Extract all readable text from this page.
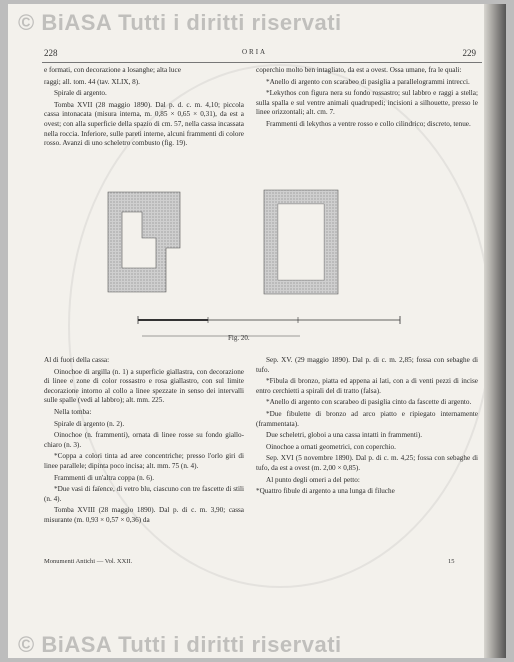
© BiASA Tutti i diritti riservati
228	ORIA	229

e formati, con decorazione a losanghe; alta luce

raggi; all. tom. 44 (tav. XLIX, 8).

Spirale di argento.

Tomba XVII (28 maggio 1890). Dal p. d. c. m. 4,10; piccola cassa intonacata (misura interna, m. 0,85 × 0,65 × 0,31), da est a ovest; con alla superficie della spazio di cm. 57, nella cassa incassata nella roccia. Inferiore, sulle pareti interne, alcuni frammenti di colore rosso. Avanzi di uno scheletro combusto (fig. 19).

coperchio molto ben intagliato, da est a ovest. Ossa umane, fra le quali:

*Anello di argento con scarabeo di pasiglia a parallelogrammi intrecci.

*Lekythos con figura nera su fondo rossastro; sul labbro e raggi a stella; sulla spalla e sul ventre animali quadrupedi; incisioni a silhouette, presso le linee orizzontali; alt. cm. 7.

Frammenti di lekythos a ventre rosso e collo cilindrico; discreto, tenue.

Fig. 20.

Al di fuori della cassa:

Oinochoe di argilla (n. 1) a superficie giallastra, con decorazione di linee e zone di color rossastro e rosa giallastro, con sul limite decorazione intorno al collo a linee spezzate in senso dei intervalli sulle spalle (vedi al labbro); alt. mm. 225.

Nella tomba:

Spirale di argento (n. 2).

Oinochoe (n. frammenti), ornata di linee rosse su fondo giallo-chiaro (n. 3).

*Coppa a colori tinta ad aree concentriche; presso l'orlo giri di linee parallele; dipinta poco incisa; alt. mm. 75 (n. 4).

Frammenti di un'altra coppa (n. 6).

*Due vasi di faïence, di vetro blu, ciascuno con tre fascette di stili (n. 4).

Tomba XVIII (28 maggio 1890). Dal p. di c. m. 3,90; cassa misurante (m. 0,93 × 0,57 × 0,36) da

Sep. XV. (29 maggio 1890). Dal p. di c. m. 2,85; fossa con sebaghe di tufo.

*Fibula di bronzo, piatta ed appena ai lati, con a di venti pezzi di incise entro cerchietti a spirali del di tratto (falsa).

*Anello di argento con scarabeo di pasiglia cinto da fascette di argento.

*Due fibulette di bronzo ad arco piatto e ripiegato internamente (frammentata).

Due scheletri, globoi a una cassa intatti in frammenti).

Oinochoe a ornati geometrici, con coperchio.

Sep. XVI (5 novembre 1890). Dal p. di c. m. 4,25; fossa con sebaghe di tufo, da est a ovest (m. 2,00 × 0,85).

Al punto degli omeri a del petto:

*Quattro fibule di argento a una lunga di filuche

Monumenti Antichi — Vol. XXII.	15
© BiASA Tutti i diritti riservati
